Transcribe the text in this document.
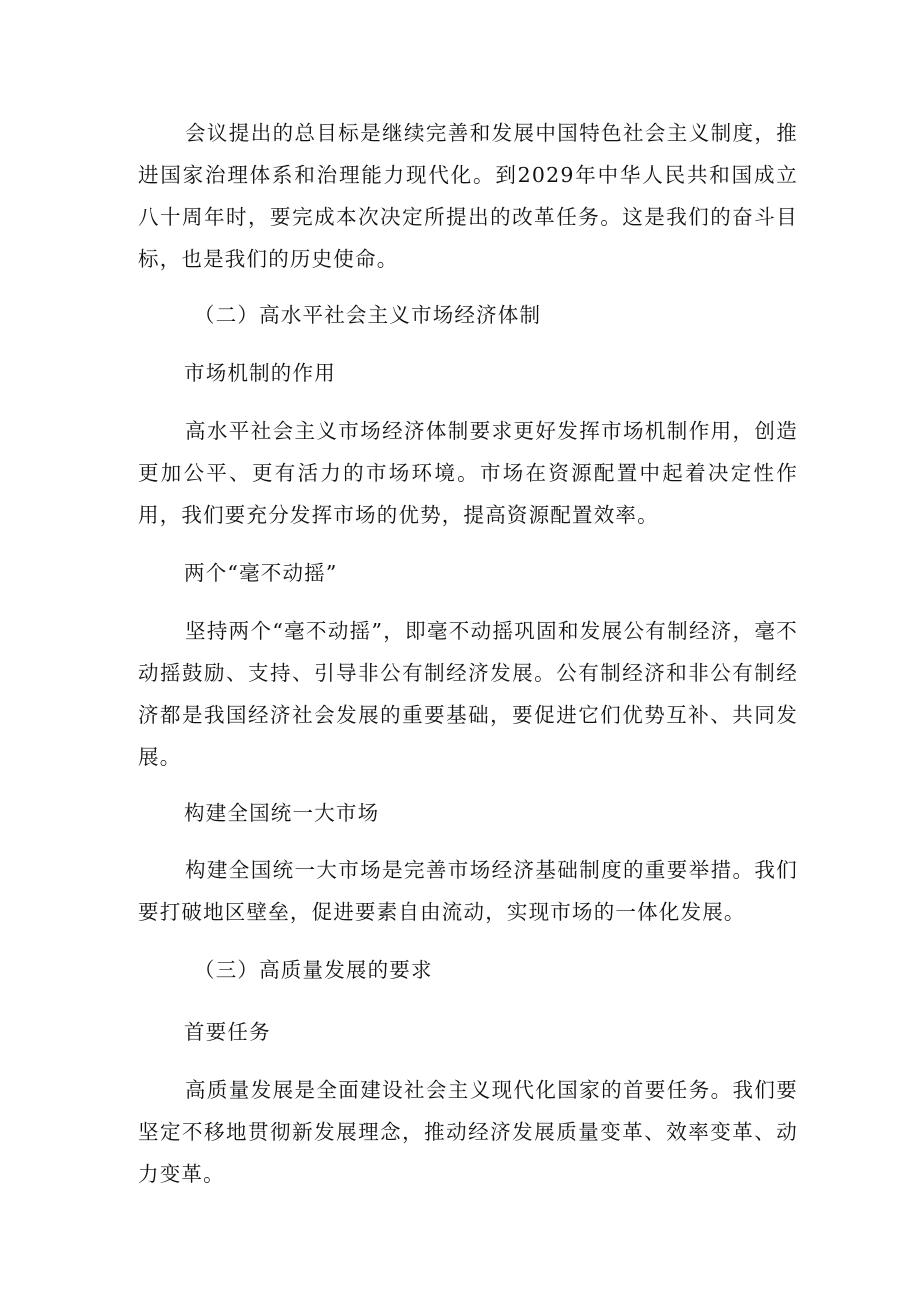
会议提出的总目标是继续完善和发展中国特色社会主义制度，推进国家治理体系和治理能力现代化。到2029年中华人民共和国成立八十周年时，要完成本次决定所提出的改革任务。这是我们的奋斗目标，也是我们的历史使命。

（二）高水平社会主义市场经济体制

市场机制的作用

高水平社会主义市场经济体制要求更好发挥市场机制作用，创造更加公平、更有活力的市场环境。市场在资源配置中起着决定性作用，我们要充分发挥市场的优势，提高资源配置效率。

两个“毫不动摇”

坚持两个“毫不动摇”，即毫不动摇巩固和发展公有制经济，毫不动摇鼓励、支持、引导非公有制经济发展。公有制经济和非公有制经济都是我国经济社会发展的重要基础，要促进它们优势互补、共同发展。

构建全国统一大市场

构建全国统一大市场是完善市场经济基础制度的重要举措。我们要打破地区壁垒，促进要素自由流动，实现市场的一体化发展。

（三）高质量发展的要求

首要任务

高质量发展是全面建设社会主义现代化国家的首要任务。我们要坚定不移地贯彻新发展理念，推动经济发展质量变革、效率变革、动力变革。
